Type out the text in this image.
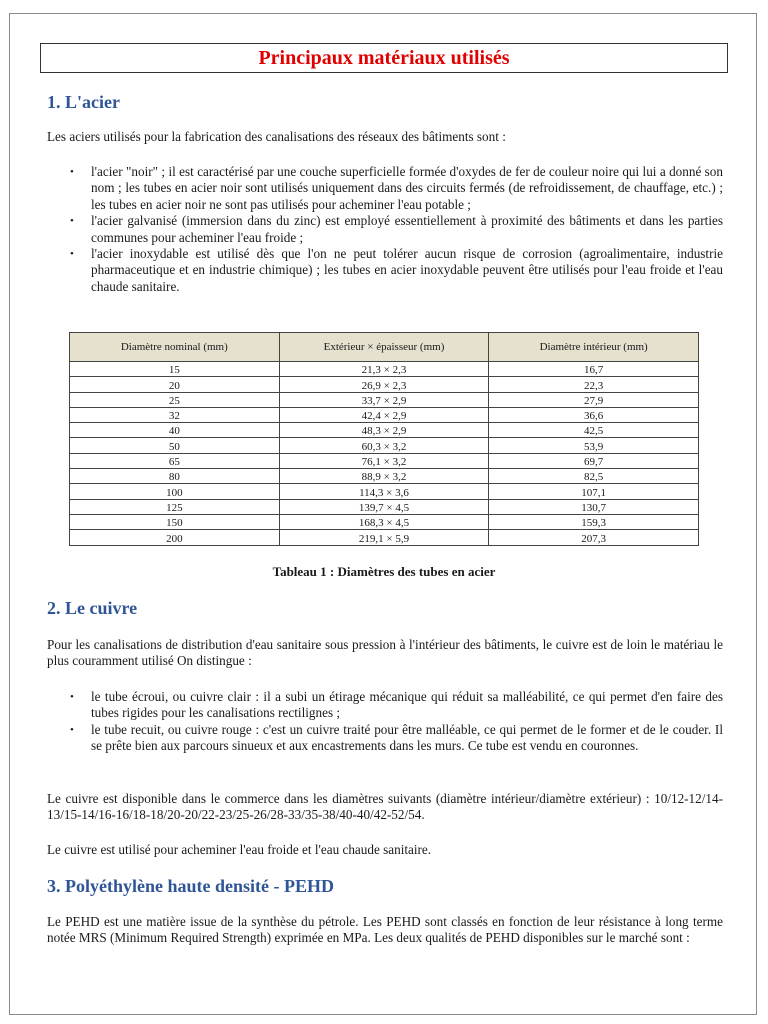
Principaux matériaux utilisés
1. L'acier

Les aciers utilisés pour la fabrication des canalisations des réseaux des bâtiments sont :

• l'acier "noir" ; il est caractérisé par une couche superficielle formée d'oxydes de fer de couleur noire qui lui a donné son nom ; les tubes en acier noir sont utilisés uniquement dans des circuits fermés (de refroidissement, de chauffage, etc.) ; les tubes en acier noir ne sont pas utilisés pour acheminer l'eau potable ;
• l'acier galvanisé (immersion dans du zinc) est employé essentiellement à proximité des bâtiments et dans les parties communes pour acheminer l'eau froide ;
• l'acier inoxydable est utilisé dès que l'on ne peut tolérer aucun risque de corrosion (agroalimentaire, industrie pharmaceutique et en industrie chimique) ; les tubes en acier inoxydable peuvent être utilisés pour l'eau froide et l'eau chaude sanitaire.
Diamètre nominal (mm)	Extérieur × épaisseur (mm)	Diamètre intérieur (mm)
15	21,3 × 2,3	16,7
20	26,9 × 2,3	22,3
25	33,7 × 2,9	27,9
32	42,4 × 2,9	36,6
40	48,3 × 2,9	42,5
50	60,3 × 3,2	53,9
65	76,1 × 3,2	69,7
80	88,9 × 3,2	82,5
100	114,3 × 3,6	107,1
125	139,7 × 4,5	130,7
150	168,3 × 4,5	159,3
200	219,1 × 5,9	207,3
Tableau 1 : Diamètres des tubes en acier
2. Le cuivre

Pour les canalisations de distribution d'eau sanitaire sous pression à l'intérieur des bâtiments, le cuivre est de loin le matériau le plus couramment utilisé On distingue :

• le tube écroui, ou cuivre clair : il a subi un étirage mécanique qui réduit sa malléabilité, ce qui permet d'en faire des tubes rigides pour les canalisations rectilignes ;
• le tube recuit, ou cuivre rouge : c'est un cuivre traité pour être malléable, ce qui permet de le former et de le couder. Il se prête bien aux parcours sinueux et aux encastrements dans les murs. Ce tube est vendu en couronnes.

Le cuivre est disponible dans le commerce dans les diamètres suivants (diamètre intérieur/diamètre extérieur) : 10/12-12/14-13/15-14/16-16/18-18/20-20/22-23/25-26/28-33/35-38/40-40/42-52/54.

Le cuivre est utilisé pour acheminer l'eau froide et l'eau chaude sanitaire.

3. Polyéthylène haute densité - PEHD

Le PEHD est une matière issue de la synthèse du pétrole. Les PEHD sont classés en fonction de leur résistance à long terme notée MRS (Minimum Required Strength) exprimée en MPa. Les deux qualités de PEHD disponibles sur le marché sont :
